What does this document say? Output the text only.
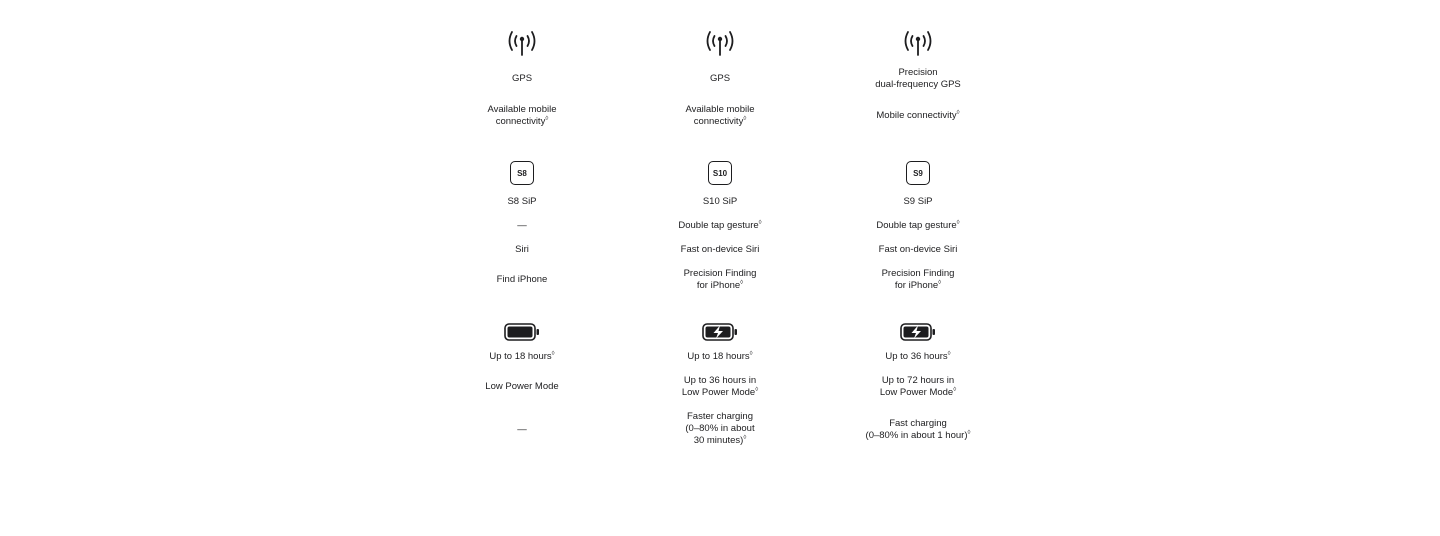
GPS
Available mobile
connectivity◊
S8
S8 SiP
—
Siri
Find iPhone
Up to 18 hours◊
Low Power Mode
—
GPS
Available mobile
connectivity◊
S10
S10 SiP
Double tap gesture◊
Fast on-device Siri
Precision Finding
for iPhone◊
Up to 18 hours◊
Up to 36 hours in
Low Power Mode◊
Faster charging
(0–80% in about
30 minutes)◊
Precision
dual-frequency GPS
Mobile connectivity◊
S9
S9 SiP
Double tap gesture◊
Fast on-device Siri
Precision Finding
for iPhone◊
Up to 36 hours◊
Up to 72 hours in
Low Power Mode◊
Fast charging
(0–80% in about 1 hour)◊
